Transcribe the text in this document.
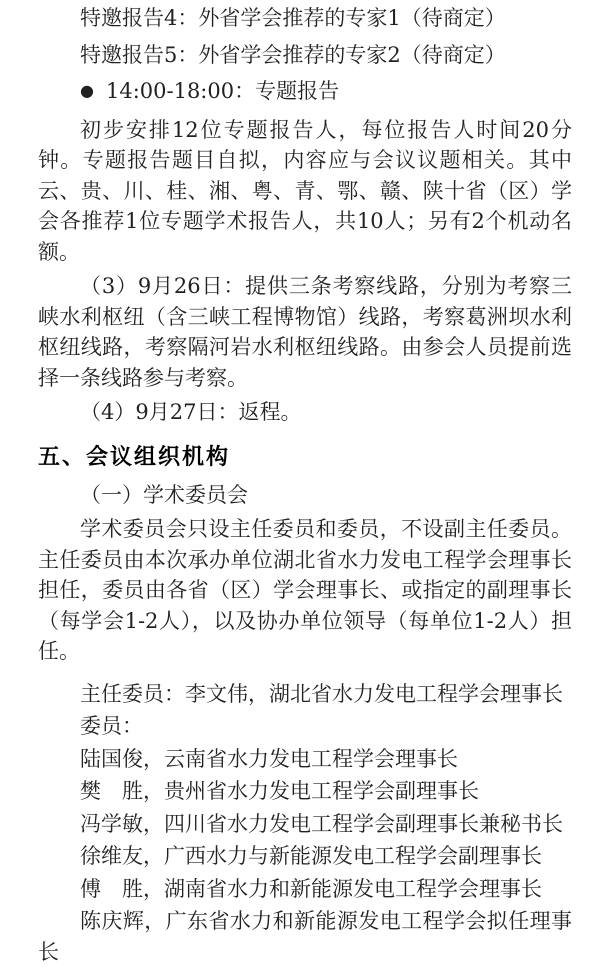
特邀报告4：外省学会推荐的专家1（待商定）

特邀报告5：外省学会推荐的专家2（待商定）

● 14:00-18:00：专题报告

初步安排12位专题报告人，每位报告人时间20分钟。专题报告题目自拟，内容应与会议议题相关。其中云、贵、川、桂、湘、粤、青、鄂、赣、陕十省（区）学会各推荐1位专题学术报告人，共10人；另有2个机动名额。

（3）9月26日：提供三条考察线路，分别为考察三峡水利枢纽（含三峡工程博物馆）线路，考察葛洲坝水利枢纽线路，考察隔河岩水利枢纽线路。由参会人员提前选择一条线路参与考察。

（4）9月27日：返程。

五、会议组织机构

（一）学术委员会

学术委员会只设主任委员和委员，不设副主任委员。主任委员由本次承办单位湖北省水力发电工程学会理事长担任，委员由各省（区）学会理事长、或指定的副理事长（每学会1-2人），以及协办单位领导（每单位1-2人）担任。

主任委员：李文伟，湖北省水力发电工程学会理事长

委员：

陆国俊，云南省水力发电工程学会理事长

樊　胜，贵州省水力发电工程学会副理事长

冯学敏，四川省水力发电工程学会副理事长兼秘书长

徐维友，广西水力与新能源发电工程学会副理事长

傅　胜，湖南省水力和新能源发电工程学会理事长

陈庆辉，广东省水力和新能源发电工程学会拟任理事长
